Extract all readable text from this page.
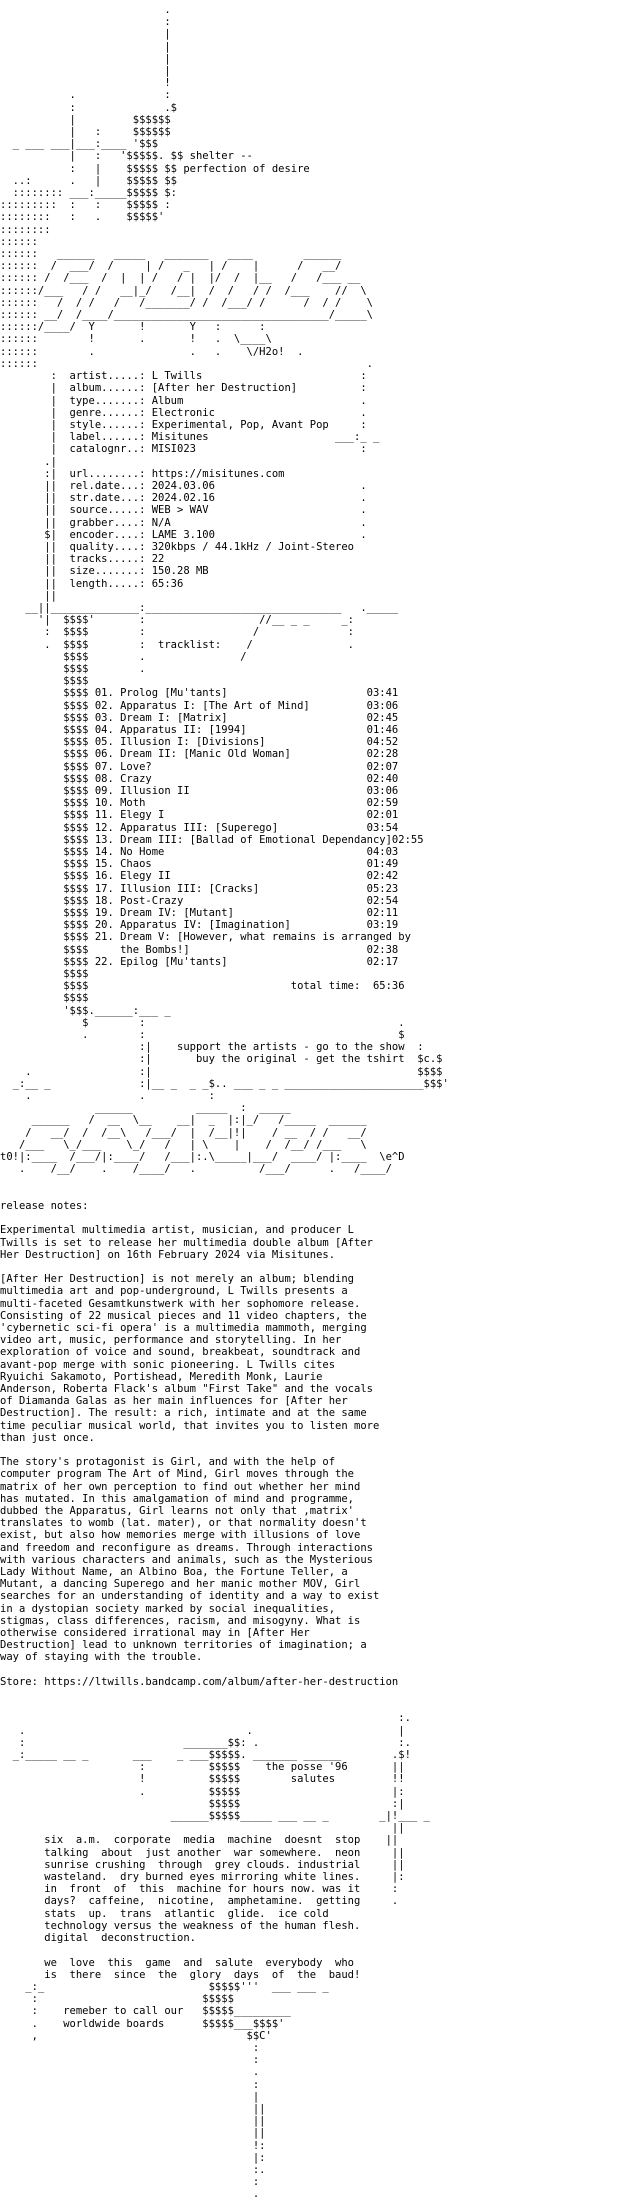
.
:
|
|
|
|
!
.              :
:              .$
|         $$$$$$
|   :     $$$$$$
_ ___ ___|___:____ '$$$
|   :   '$$$$$. $$ shelter --
:   |    $$$$$ $$ perfection of desire
..:      .   |    $$$$$ $$
:::::::: ___:_____$$$$$ $:
:::::::::  :   :    $$$$$ :
::::::::   :   .    $$$$$'
::::::::
::::::
::::::   ______   _____   _______   ____        ______
::::::  /  ___/  /     | /   _   | /    |      /   __/
:::::: /  /___  /  |  | /   / |  |/  /  |__   /   /___ __
::::::/___   / /   __|_/   /__|  /  /   / /  /___    //  \
::::::   /  / /   /   /_______/ /  /___/ /      /  / /    \
:::::: __/  /____/__________________________________/_____\
::::::/____/  Y       !       Y   :      :
::::::        !       .       !   .  \____\
::::::        .               .   .    \/H2o!  .
::::::                                                    .
:  artist.....: L Twills                         :
|  album......: [After her Destruction]          :
|  type.......: Album                            .
|  genre......: Electronic                       .
|  style......: Experimental, Pop, Avant Pop     :
|  label......: Misitunes                    ___:_ _
|  catalognr..: MISI023                          :
.|
:|  url........: https://misitunes.com
||  rel.date...: 2024.03.06                       .
||  str.date...: 2024.02.16                       .
||  source.....: WEB > WAV                        .
||  grabber....: N/A                              .
$|  encoder....: LAME 3.100                       .
||  quality....: 320kbps / 44.1kHz / Joint-Stereo
||  tracks.....: 22
||  size.......: 150.28 MB
||  length.....: 65:36
||
__||______________:_______________________________   ._____
'|  $$$$'       :                  //__ _ _     _:
:  $$$$        :                 /              :
.  $$$$        :  tracklist:    /               .
$$$$        .               /
$$$$        .
$$$$
$$$$ 01. Prolog [Mu'tants]                      03:41
$$$$ 02. Apparatus I: [The Art of Mind]         03:06
$$$$ 03. Dream I: [Matrix]                      02:45
$$$$ 04. Apparatus II: [1994]                   01:46
$$$$ 05. Illusion I: [Divisions]                04:52
$$$$ 06. Dream II: [Manic Old Woman]            02:28
$$$$ 07. Love?                                  02:07
$$$$ 08. Crazy                                  02:40
$$$$ 09. Illusion II                            03:06
$$$$ 10. Moth                                   02:59
$$$$ 11. Elegy I                                02:01
$$$$ 12. Apparatus III: [Superego]              03:54
$$$$ 13. Dream III: [Ballad of Emotional Dependancy]02:55
$$$$ 14. No Home                                04:03
$$$$ 15. Chaos                                  01:49
$$$$ 16. Elegy II                               02:42
$$$$ 17. Illusion III: [Cracks]                 05:23
$$$$ 18. Post-Crazy                             02:54
$$$$ 19. Dream IV: [Mutant]                     02:11
$$$$ 20. Apparatus IV: [Imagination]            03:19
$$$$ 21. Dream V: [However, what remains is arranged by
$$$$     the Bombs!]                            02:38
$$$$ 22. Epilog [Mu'tants]                      02:17
$$$$
$$$$                                total time:  65:36
$$$$
'$$$.______:___ _
$        :                                        .
.        :                                        $
:|    support the artists - go to the show  :
:|       buy the original - get the tshirt  $c.$
.                 :|                                          $$$$
_:__ _              :|__ _  _ _$.. ___ _ _ ______________________$$$'
.                 .          :
______          _____  :  _____
______   /  __  \__    __|  _  |:|_/   /_____  ______
/   __/  /  /__\   /___/  |  /__|!|    / __  / /   __/
/___   \_/___    \_/   /   | \    |    /  /__/ /___   \
t0!|:____  /___/|:____/   /___|:.\_____|___/  ____/ |:____  \e^D
.    /__/    .    /____/   .          /___/      .   /____/

release notes:

Experimental multimedia artist, musician, and producer L
Twills is set to release her multimedia double album [After
Her Destruction] on 16th February 2024 via Misitunes.

[After Her Destruction] is not merely an album; blending
multimedia art and pop-underground, L Twills presents a
multi-faceted Gesamtkunstwerk with her sophomore release.
Consisting of 22 musical pieces and 11 video chapters, the
'cybernetic sci-fi opera' is a multimedia mammoth, merging
video art, music, performance and storytelling. In her
exploration of voice and sound, breakbeat, soundtrack and
avant-pop merge with sonic pioneering. L Twills cites
Ryuichi Sakamoto, Portishead, Meredith Monk, Laurie
Anderson, Roberta Flack's album "First Take" and the vocals
of Diamanda Galas as her main influences for [After her
Destruction]. The result: a rich, intimate and at the same
time peculiar musical world, that invites you to listen more
than just once.

The story's protagonist is Girl, and with the help of
computer program The Art of Mind, Girl moves through the
matrix of her own perception to find out whether her mind
has mutated. In this amalgamation of mind and programme,
dubbed the Apparatus, Girl learns not only that ,matrix'
translates to womb (lat. mater), or that normality doesn't
exist, but also how memories merge with illusions of love
and freedom and reconfigure as dreams. Through interactions
with various characters and animals, such as the Mysterious
Lady Without Name, an Albino Boa, the Fortune Teller, a
Mutant, a dancing Superego and her manic mother MOV, Girl
searches for an understanding of identity and a way to exist
in a dystopian society marked by social inequalities,
stigmas, class differences, racism, and misogyny. What is
otherwise considered irrational may in [After Her
Destruction] lead to unknown territories of imagination; a
way of staying with the trouble.

Store: https://ltwills.bandcamp.com/album/after-her-destruction

:.
.                                   .                       |
:                         _______$$: .                      :.
_:_____ __ _       ___    _ ___$$$$$. _______ ______        .$!
:          $$$$$    the posse '96       ||
!          $$$$$        salutes         !!
.          $$$$$                        |:
$$$$$                        :|
______$$$$$_____ ___ __ _        _|!___ _
||
six  a.m.  corporate  media  machine  doesnt  stop    ||
talking  about  just another  war somewhere.  neon     ||
sunrise crushing  through  grey clouds. industrial     ||
wasteland.  dry burned eyes mirroring white lines.     |:
in  front  of  this  machine for hours now. was it     :
days?  caffeine,  nicotine,  amphetamine.  getting     .
stats  up.  trans  atlantic  glide.  ice cold
technology versus the weakness of the human flesh.
digital  deconstruction.

we  love  this  game  and  salute  everybody  who
is  there  since  the  glory  days  of  the  baud!
_:_                          $$$$$'''  ___ ___ _
:                          $$$$$
:    remeber to call our   $$$$$_________
.    worldwide boards      $$$$$___$$$$'
,                                 $$C'
:
:
.
:
|
||
||
||
!:
|:
:.
:
.
